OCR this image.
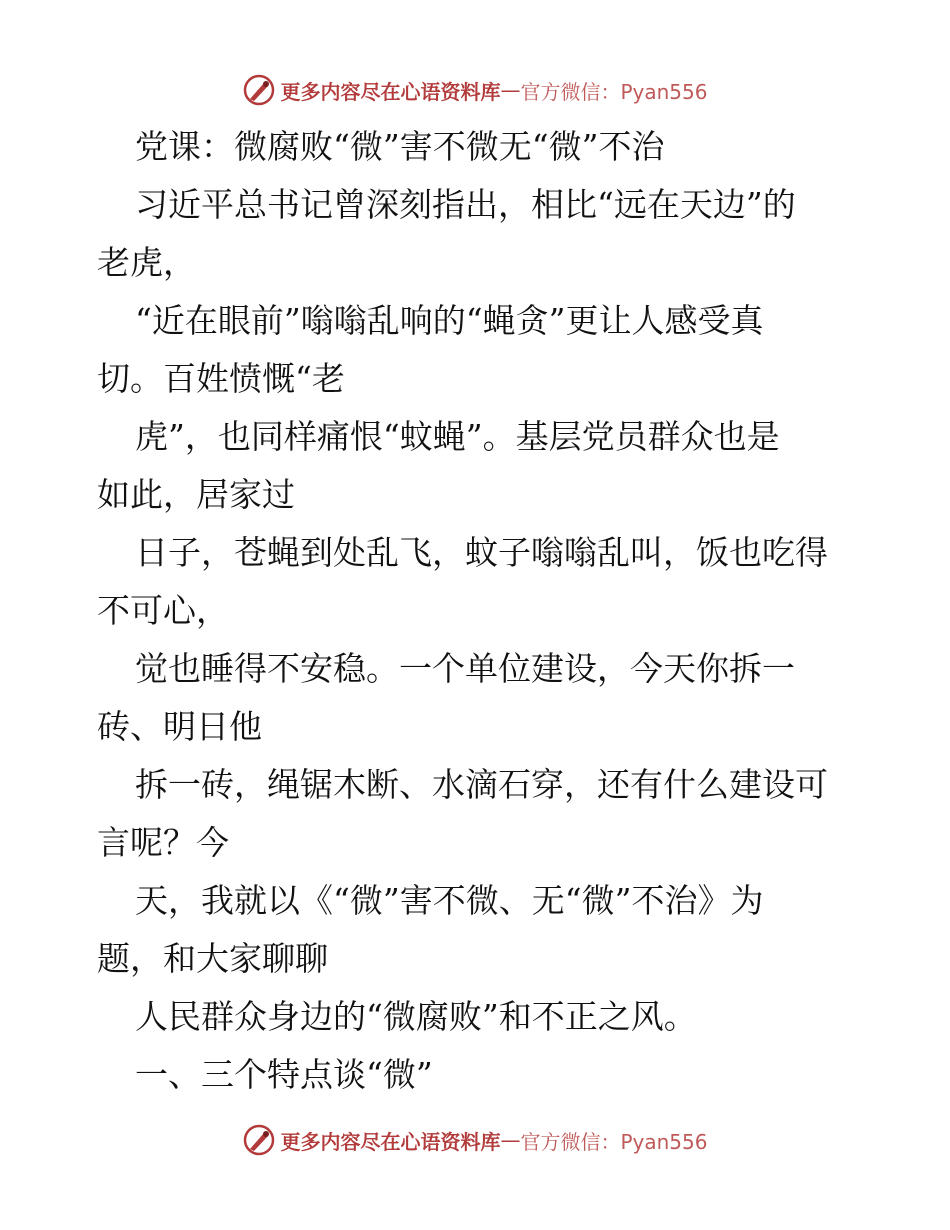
更多内容尽在心语资料库 — 官方微信：Pyan556
党课：微腐败“微”害不微无“微”不治
习近平总书记曾深刻指出，相比“远在天边”的
老虎，
“近在眼前”嗡嗡乱响的“蝇贪”更让人感受真
切。百姓愤慨“老
虎”，也同样痛恨“蚊蝇”。基层党员群众也是
如此，居家过
日子，苍蝇到处乱飞，蚊子嗡嗡乱叫，饭也吃得
不可心，
觉也睡得不安稳。一个单位建设，今天你拆一
砖、明日他
拆一砖，绳锯木断、水滴石穿，还有什么建设可
言呢？今
天，我就以《“微”害不微、无“微”不治》为
题，和大家聊聊
人民群众身边的“微腐败”和不正之风。
一、三个特点谈“微”
更多内容尽在心语资料库 — 官方微信：Pyan556
